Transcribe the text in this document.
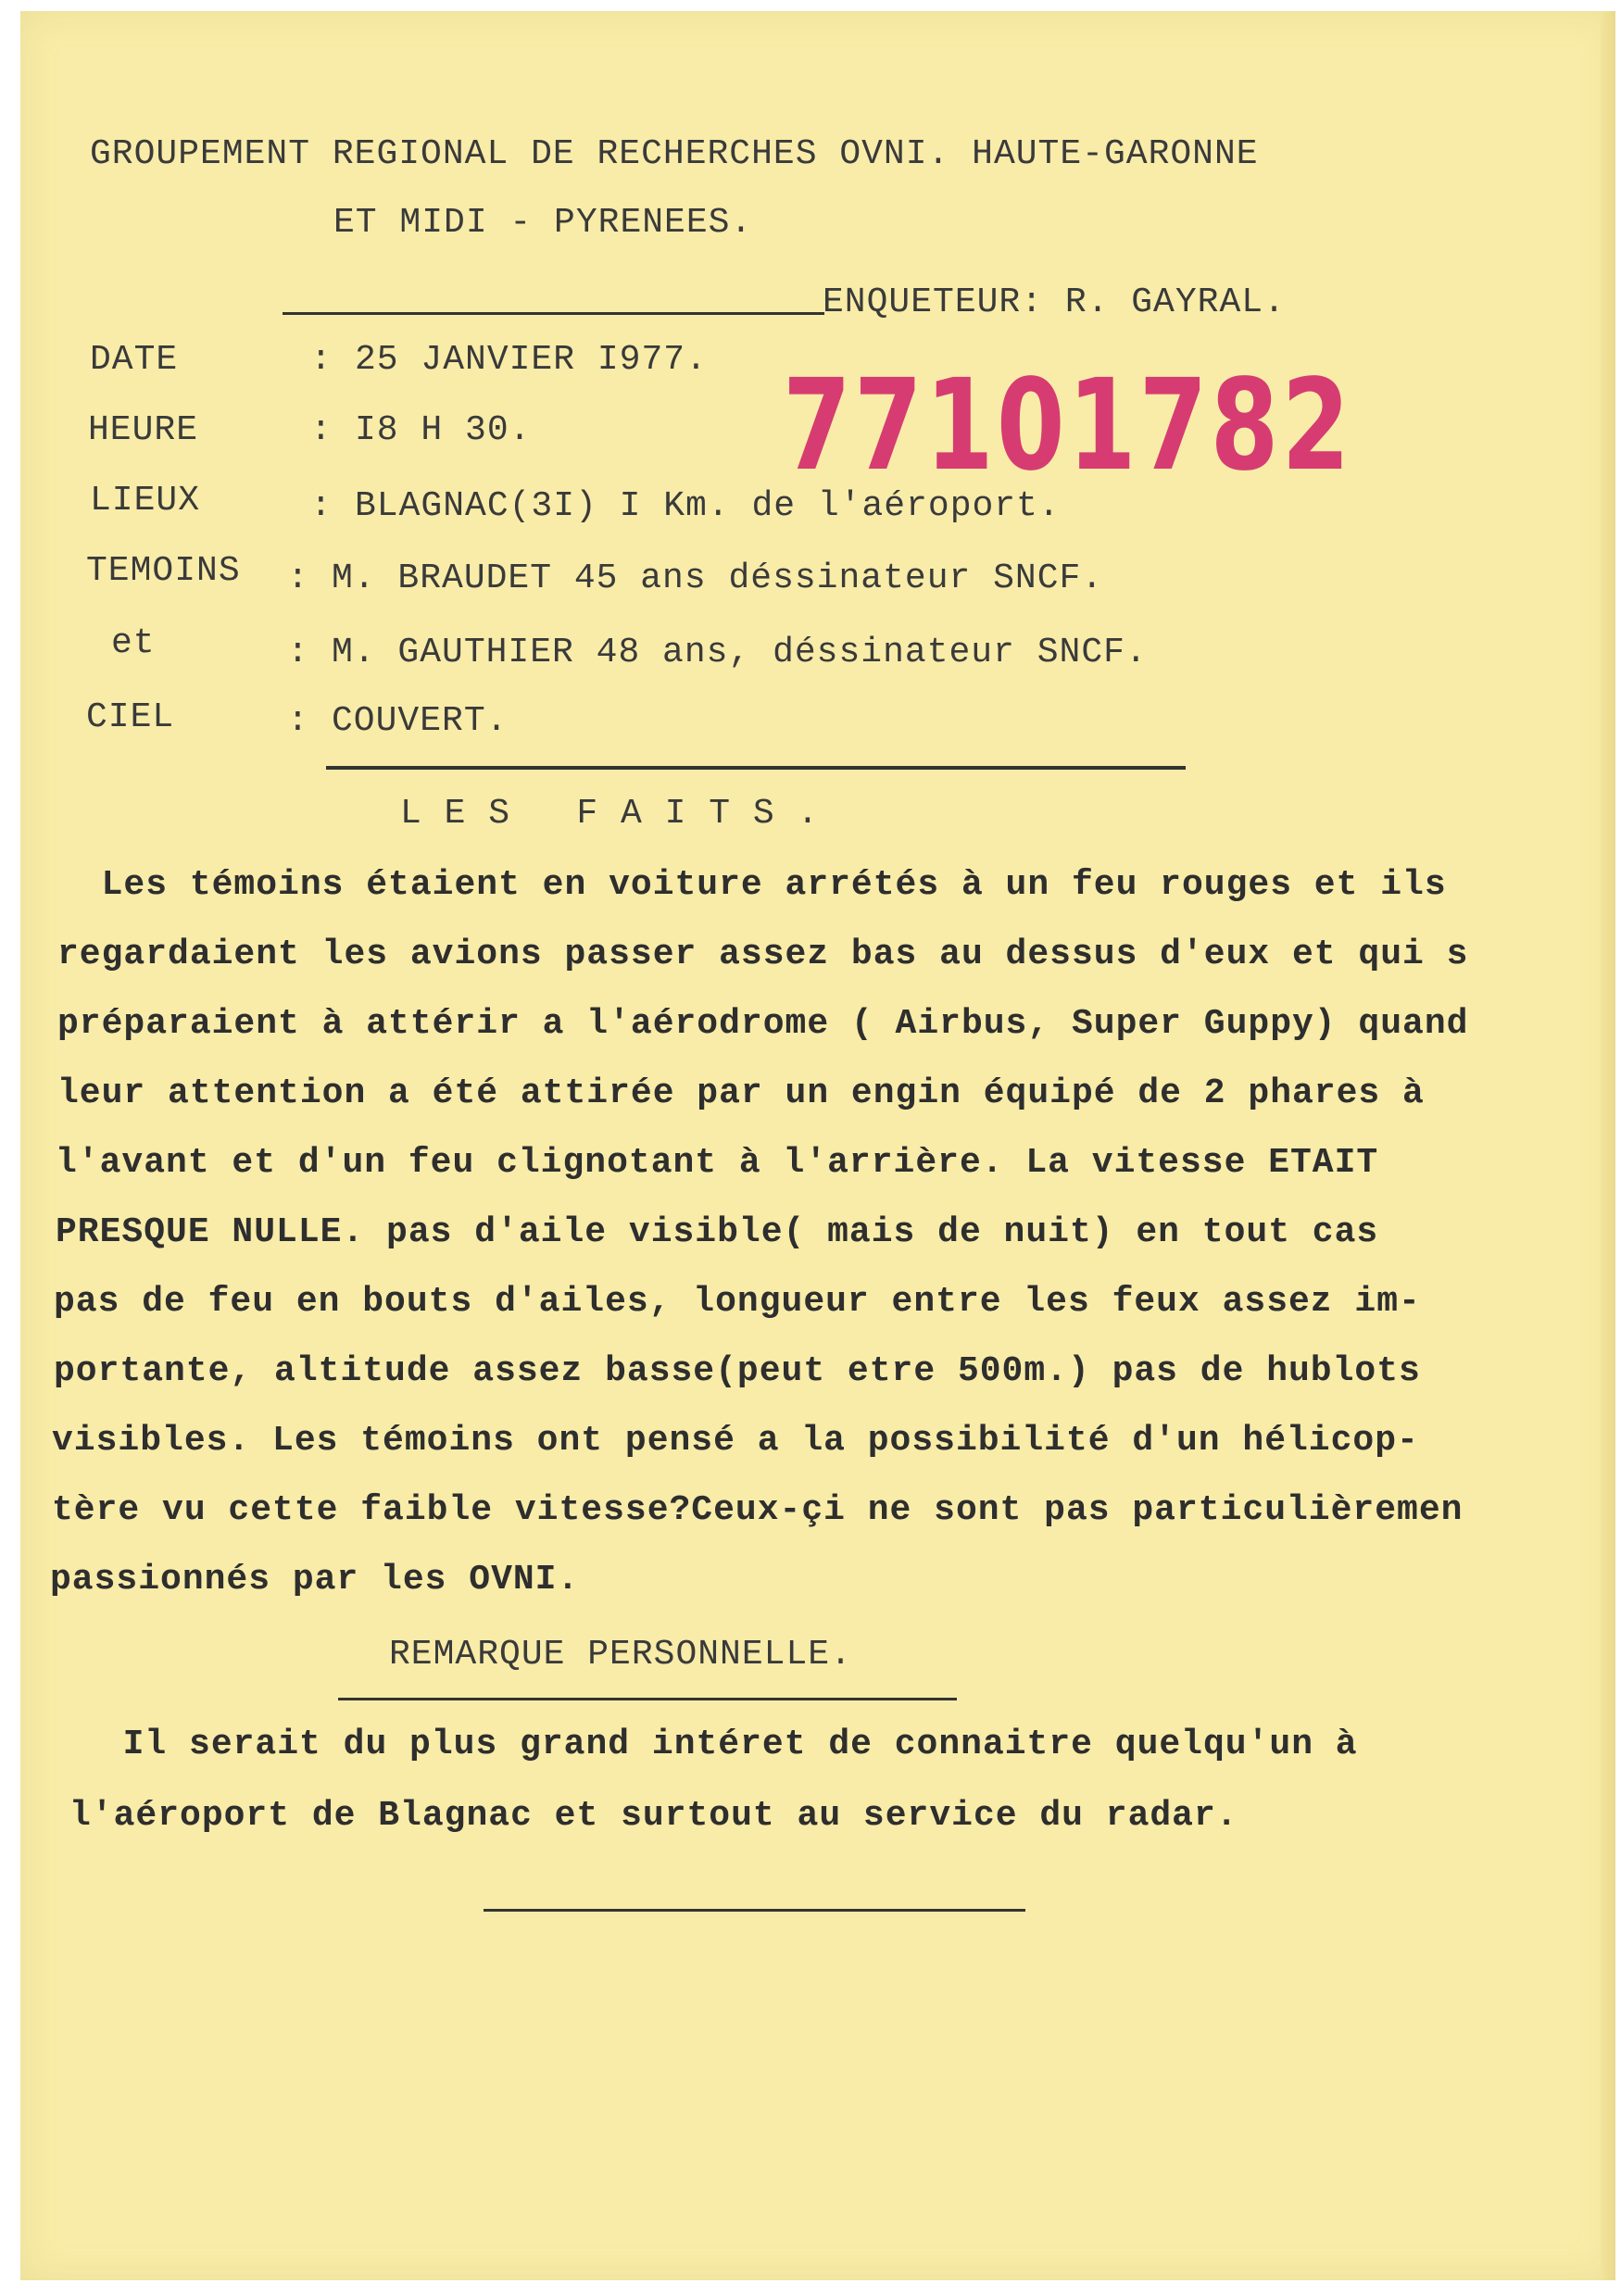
GROUPEMENT REGIONAL DE RECHERCHES OVNI. HAUTE-GARONNE
ET MIDI - PYRENEES.
ENQUETEUR: R. GAYRAL.
DATE	: 25 JANVIER I977.
HEURE	: I8 H 30.
LIEUX	: BLAGNAC(3I) I Km. de l'aéroport.
TEMOINS : M. BRAUDET 45 ans déssinateur SNCF.
et	: M. GAUTHIER 48 ans, déssinateur SNCF.
CIEL	: COUVERT.
77101782
L E S   F A I T S .
Les témoins étaient en voiture arrétés à un feu rouges et ils
regardaient les avions passer assez bas au dessus d'eux et qui s
préparaient à attérir a l'aérodrome ( Airbus, Super Guppy) quand
leur attention a été attirée par un engin équipé de 2 phares à
l'avant et d'un feu clignotant à l'arrière. La vitesse ETAIT
PRESQUE NULLE. pas d'aile visible( mais de nuit) en tout cas
pas de feu en bouts d'ailes, longueur entre les feux assez im-
portante, altitude assez basse(peut etre 500m.) pas de hublots
visibles. Les témoins ont pensé a la possibilité d'un hélicop-
tère vu cette faible vitesse?Ceux-çi ne sont pas particulièremen
passionnés par les OVNI.
REMARQUE PERSONNELLE.
Il serait du plus grand intéret de connaitre quelqu'un à
l'aéroport de Blagnac et surtout au service du radar.
